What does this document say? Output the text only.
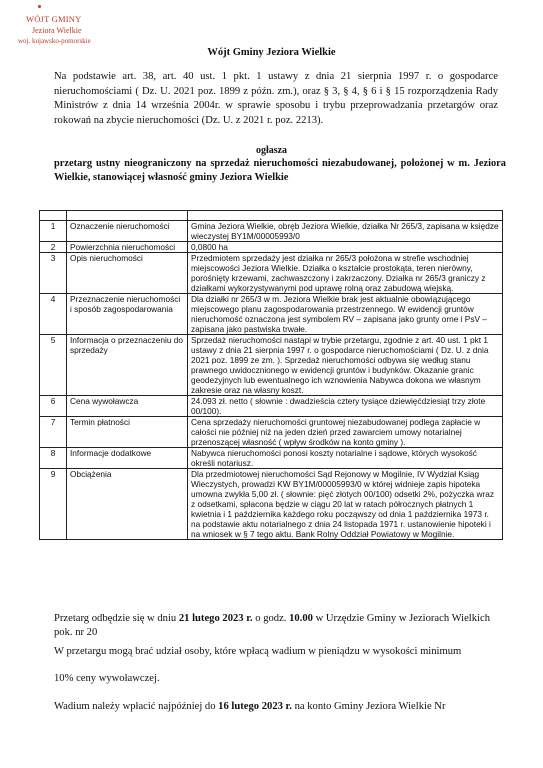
WÓJT GMINY
Jeziora Wielkie
woj. kujawsko-pomorskie
Wójt Gminy Jeziora Wielkie
Na podstawie art. 38, art. 40 ust. 1 pkt. 1 ustawy z dnia 21 sierpnia 1997 r. o gospodarce nieruchomościami ( Dz. U. 2021 poz. 1899 z późn. zm.), oraz § 3, § 4, § 6 i § 15 rozporządzenia Rady Ministrów z dnia 14 września 2004r. w sprawie sposobu i trybu przeprowadzania przetargów oraz rokowań na zbycie nieruchomości (Dz. U. z 2021 r. poz. 2213).
ogłasza
przetarg ustny nieograniczony na sprzedaż nieruchomości niezabudowanej, położonej w m. Jeziora Wielkie, stanowiącej własność gminy Jeziora Wielkie

1	Oznaczenie nieruchomości	Gmina Jeziora Wielkie, obręb Jeziora Wielkie, działka Nr 265/3, zapisana w księdze wieczystej BY1M/00005993/0
2	Powierzchnia nieruchomości	0,0800 ha
3	Opis nieruchomości	Przedmiotem sprzedaży jest działka nr 265/3 położona w strefie wschodniej miejscowości Jeziora Wielkie. Działka o kształcie prostokąta, teren nierówny, porośnięty krzewami, zachwaszczony i zakrzaczony. Działka nr 265/3 graniczy z działkami wykorzystywanymi pod uprawę rolną oraz zabudową wiejską.
4	Przeznaczenie nieruchomości i sposób zagospodarowania	Dla działki nr 265/3 w m. Jeziora Wielkie brak jest aktualnie obowiązującego miejscowego planu zagospodarowania przestrzennego. W ewidencji gruntów nieruchomość oznaczona jest symbolem RV – zapisana jako grunty orne i PsV – zapisana jako pastwiska trwałe.
5	Informacja o przeznaczeniu do sprzedaży	Sprzedaż nieruchomości nastąpi w trybie przetargu, zgodnie z art. 40 ust. 1 pkt 1 ustawy z dnia 21 sierpnia 1997 r. o gospodarce nieruchomościami ( Dz. U. z dnia 2021 poz. 1899 ze zm. ). Sprzedaż nieruchomości odbywa się według stanu prawnego uwidocznionego w ewidencji gruntów i budynków. Okazanie granic geodezyjnych lub ewentualnego ich wznowienia Nabywca dokona we własnym zakresie oraz na własny koszt.
6	Cena wywoławcza	24.093 zł. netto ( słownie : dwadzieścia cztery tysiące dziewięćdziesiąt trzy złote 00/100).
7	Termin płatności	Cena sprzedaży nieruchomości gruntowej niezabudowanej podlega zapłacie w całości nie później niż na jeden dzień przed zawarciem umowy notarialnej przenoszącej własność ( wpływ środków na konto gminy ).
8	Informacje dodatkowe	Nabywca nieruchomości ponosi koszty notarialne i sądowe, których wysokość określi notariusz.
9	Obciążenia	Dla przedmiotowej nieruchomości Sąd Rejonowy w Mogilnie, IV Wydział Ksiąg Wieczystych, prowadzi KW BY1M/00005993/0 w której widnieje zapis hipoteka umowna zwykła 5,00 zł. ( słownie: pięć złotych 00/100) odsetki 2%, pożyczka wraz z odsetkami, spłacona będzie w ciągu 20 lat w ratach półrocznych płatnych 1 kwietnia i 1 października każdego roku począwszy od dnia 1 października 1973 r. na podstawie aktu notarialnego z dnia 24 listopada 1971 r. ustanowienie hipoteki i na wniosek w § 7 tego aktu. Bank Rolny Oddział Powiatowy w Mogilnie.
Przetarg odbędzie się w dniu 21 lutego 2023 r. o godz. 10.00 w Urzędzie Gminy w Jeziorach Wielkich pok. nr 20
W przetargu mogą brać udział osoby, które wpłacą wadium w pieniądzu w wysokości minimum
10% ceny wywoławczej.
Wadium należy wpłacić najpóźniej do 16 lutego 2023 r. na konto Gminy Jeziora Wielkie Nr
